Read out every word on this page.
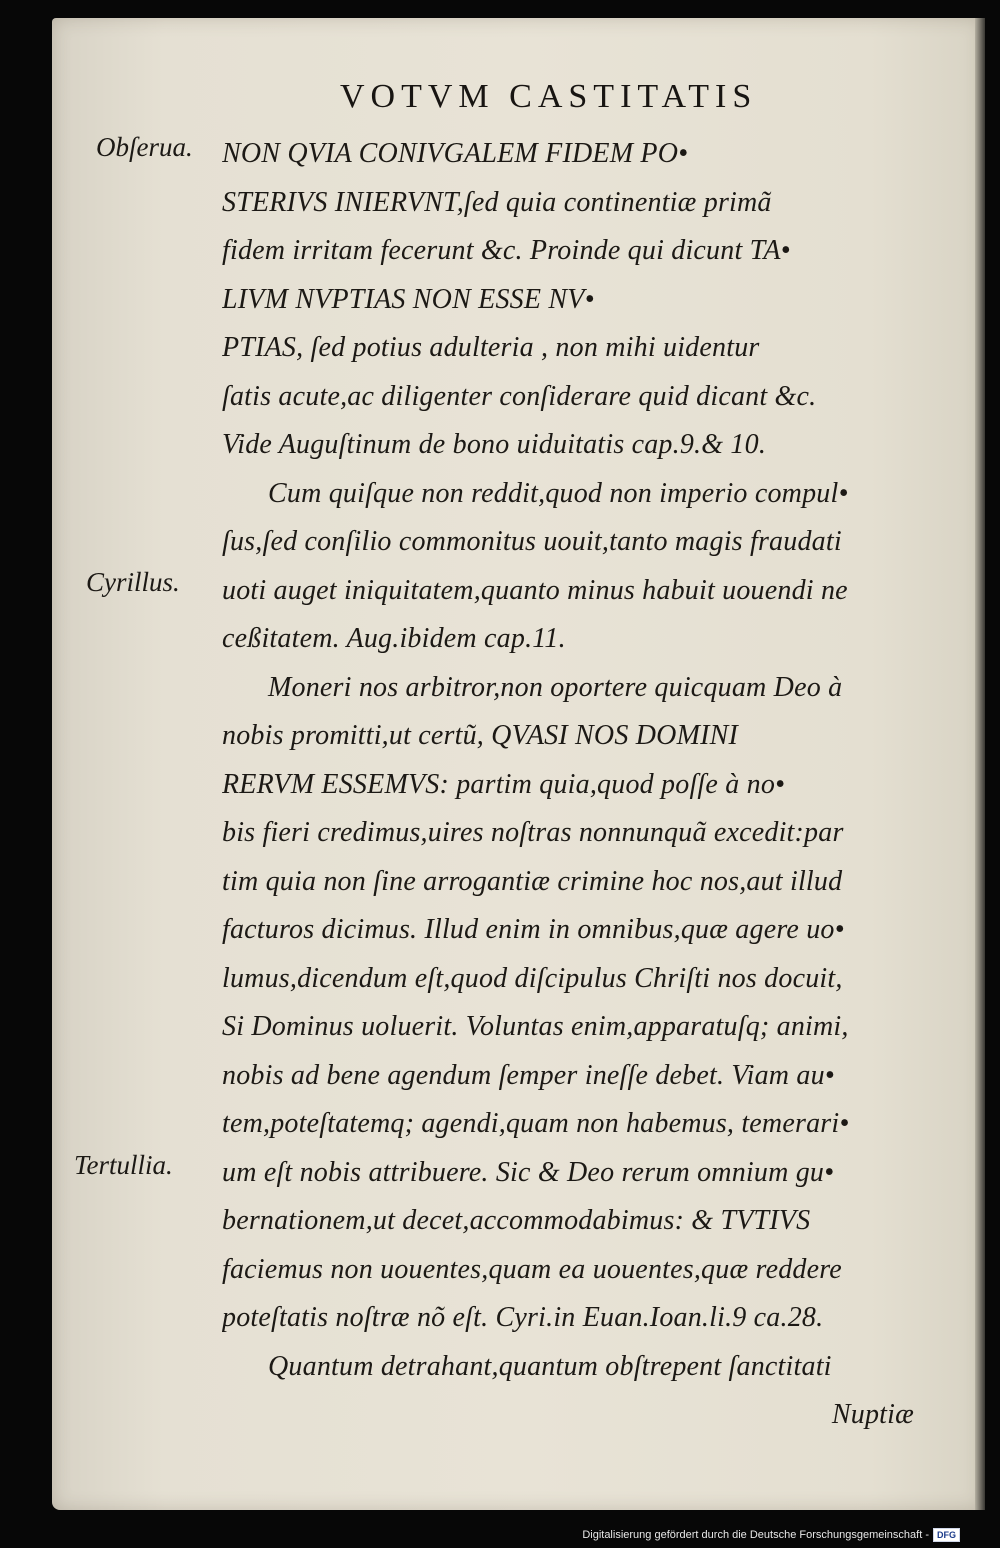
VOTVM CASTITATIS
Obſerua.
Cyrillus.
Tertullia.
NON QVIA CONIVGALEM FIDEM PO•
STERIVS INIERVNT,ſed quia continentiæ primã
fidem irritam fecerunt &c. Proinde qui dicunt TA•
LIVM NVPTIAS NON ESSE NV•
PTIAS, ſed potius adulteria , non mihi uidentur
ſatis acute,ac diligenter conſiderare quid dicant &c.
Vide Auguſtinum de bono uiduitatis cap.9.& 10.
Cum quiſque non reddit,quod non imperio compul•
ſus,ſed conſilio commonitus uouit,tanto magis fraudati
uoti auget iniquitatem,quanto minus habuit uouendi ne
ceßitatem. Aug.ibidem cap.11.
Moneri nos arbitror,non oportere quicquam Deo à
nobis promitti,ut certũ, QVASI NOS DOMINI
RERVM ESSEMVS: partim quia,quod poſſe à no•
bis fieri credimus,uires noſtras nonnunquã excedit:par
tim quia non ſine arrogantiæ crimine hoc nos,aut illud
facturos dicimus. Illud enim in omnibus,quæ agere uo•
lumus,dicendum eſt,quod diſcipulus Chriſti nos docuit,
Si Dominus uoluerit. Voluntas enim,apparatuſq; animi,
nobis ad bene agendum ſemper ineſſe debet. Viam au•
tem,poteſtatemq; agendi,quam non habemus, temerari•
um eſt nobis attribuere. Sic & Deo rerum omnium gu•
bernationem,ut decet,accommodabimus: & TVTIVS
faciemus non uouentes,quam ea uouentes,quæ reddere
poteſtatis noſtræ nõ eſt. Cyri.in Euan.Ioan.li.9 ca.28.
Quantum detrahant,quantum obſtrepent ſanctitati
Nuptiæ
Digitalisierung gefördert durch die Deutsche Forschungsgemeinschaft - DFG
